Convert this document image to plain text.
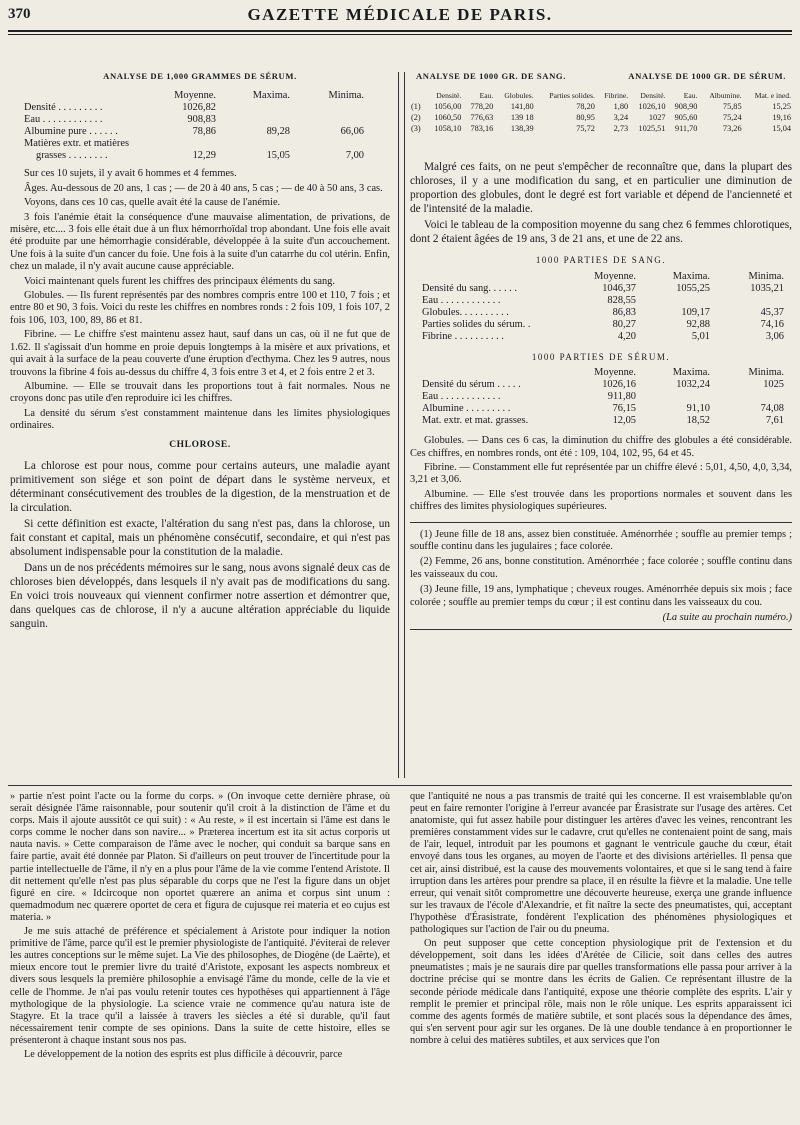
370	GAZETTE MÉDICALE DE PARIS.
ANALYSE DE 1,000 GRAMMES DE SÉRUM.
	Moyenne.	Maxima.	Minima.
Densité . . . . . . . . .	1026,82		
Eau . . . . . . . . . . . .	908,83		
Albumine pure . . . . . .	78,86	89,28	66,06
Matières extr. et matières			
grasses . . . . . . . .	12,29	15,05	7,00

Sur ces 10 sujets, il y avait 6 hommes et 4 femmes.

Âges. Au-dessous de 20 ans, 1 cas ; — de 20 à 40 ans, 5 cas ; — de 40 à 50 ans, 3 cas.

Voyons, dans ces 10 cas, quelle avait été la cause de l'anémie.

3 fois l'anémie était la conséquence d'une mauvaise alimentation, de privations, de misère, etc.... 3 fois elle était due à un flux hémorrhoïdal trop abondant. Une fois elle avait été produite par une hémorrhagie considérable, développée à la suite d'un accouchement. Une fois à la suite d'un cancer du foie. Une fois à la suite d'un catarrhe du col utérin. Enfin, chez un malade, il n'y avait aucune cause appréciable.

Voici maintenant quels furent les chiffres des principaux éléments du sang.

Globules. — Ils furent représentés par des nombres compris entre 100 et 110, 7 fois ; et entre 80 et 90, 3 fois. Voici du reste les chiffres en nombres ronds : 2 fois 109, 1 fois 107, 2 fois 106, 103, 100, 89, 86 et 81.

Fibrine. — Le chiffre s'est maintenu assez haut, sauf dans un cas, où il ne fut que de 1.62. Il s'agissait d'un homme en proie depuis longtemps à la misère et aux privations, et qui avait à la surface de la peau couverte d'une éruption d'ecthyma. Chez les 9 autres, nous trouvons la fibrine 4 fois au-dessus du chiffre 4, 3 fois entre 3 et 4, et 2 fois entre 2 et 3.

Albumine. — Elle se trouvait dans les proportions tout à fait normales. Nous ne croyons donc pas utile d'en reproduire ici les chiffres.

La densité du sérum s'est constamment maintenue dans les limites physiologiques ordinaires.

CHLOROSE.

La chlorose est pour nous, comme pour certains auteurs, une maladie ayant primitivement son siége et son point de départ dans le système nerveux, et déterminant consécutivement des troubles de la digestion, de la menstruation et de la circulation.

Si cette définition est exacte, l'altération du sang n'est pas, dans la chlorose, un fait constant et capital, mais un phénomène consécutif, secondaire, et qui n'est pas absolument indispensable pour la constitution de la maladie.

Dans un de nos précédents mémoires sur le sang, nous avons signalé deux cas de chloroses bien développés, dans lesquels il n'y avait pas de modifications du sang. En voici trois nouveaux qui viennent confirmer notre assertion et démontrer que, dans quelques cas de chlorose, il n'y a aucune altération appréciable du liquide sanguin.

ANALYSE DE 1000 GR. DE SANG.	ANALYSE DE 1000 GR. DE SÉRUM.
	Densité.	Eau.	Globules.	Parties solides.	Fibrine.	Densité.	Eau.	Albumine.	Mat. e ined.
(1)	1056,00	778,20	141,80	78,20	1,80	1026,10	908,90	75,85	15,25
(2)	1060,50	776,63	139 18	80,95	3,24	1027	905,60	75,24	19,16
(3)	1058,10	783,16	138,39	75,72	2,73	1025,51	911,70	73,26	15,04

Malgré ces faits, on ne peut s'empêcher de reconnaître que, dans la plupart des chloroses, il y a une modification du sang, et en particulier une diminution de proportion des globules, dont le degré est fort variable et dépend de l'ancienneté et de l'intensité de la maladie.

Voici le tableau de la composition moyenne du sang chez 6 femmes chlorotiques, dont 2 étaient âgées de 19 ans, 3 de 21 ans, et une de 22 ans.

1000 PARTIES DE SANG.
	Moyenne.	Maxima.	Minima.
Densité du sang. . . . . .	1046,37	1055,25	1035,21
Eau . . . . . . . . . . . .	828,55		
Globules. . . . . . . . . .	86,83	109,17	45,37
Parties solides du sérum. .	80,27	92,88	74,16
Fibrine . . . . . . . . . .	4,20	5,01	3,06
1000 PARTIES DE SÉRUM.
	Moyenne.	Maxima.	Minima.
Densité du sérum . . . . .	1026,16	1032,24	1025
Eau . . . . . . . . . . . .	911,80		
Albumine . . . . . . . . .	76,15	91,10	74,08
Mat. extr. et mat. grasses.	12,05	18,52	7,61

Globules. — Dans ces 6 cas, la diminution du chiffre des globules a été considérable. Ces chiffres, en nombres ronds, ont été : 109, 104, 102, 95, 64 et 45.

Fibrine. — Constamment elle fut représentée par un chiffre élevé : 5,01, 4,50, 4,0, 3,34, 3,21 et 3,06.

Albumine. — Elle s'est trouvée dans les proportions normales et souvent dans les chiffres des limites physiologiques supérieures.

(1) Jeune fille de 18 ans, assez bien constituée. Aménorrhée ; souffle au premier temps ; souffle continu dans les jugulaires ; face colorée.

(2) Femme, 26 ans, bonne constitution. Aménorrhée ; face colorée ; souffle continu dans les vaisseaux du cou.

(3) Jeune fille, 19 ans, lymphatique ; cheveux rouges. Aménorrhée depuis six mois ; face colorée ; souffle au premier temps du cœur ; il est continu dans les vaisseaux du cou.

(La suite au prochain numéro.)

» partie n'est point l'acte ou la forme du corps. » (On invoque cette dernière phrase, où serait désignée l'âme raisonnable, pour soutenir qu'il croit à la distinction de l'âme et du corps. Mais il ajoute aussitôt ce qui suit) : « Au reste, » il est incertain si l'âme est dans le corps comme le nocher dans son navire... » Præterea incertum est ita sit actus corporis ut nauta navis. » Cette comparaison de l'âme avec le nocher, qui conduit sa barque sans en faire partie, avait été donnée par Platon. Si d'ailleurs on peut trouver de l'incertitude pour la partie intellectuelle de l'âme, il n'y en a plus pour l'âme de la vie comme l'entend Aristote. Il dit nettement qu'elle n'est pas plus séparable du corps que ne l'est la figure dans un objet figuré en cire. « Idcircoque non oportet quærere an anima et corpus sint unum : quemadmodum nec quærere oportet de cera et figura de cujusque rei materia et eo cujus est materia. »

Je me suis attaché de préférence et spécialement à Aristote pour indiquer la notion primitive de l'âme, parce qu'il est le premier physiologiste de l'antiquité. J'éviterai de relever les autres conceptions sur le même sujet. La Vie des philosophes, de Diogène (de Laërte), et mieux encore tout le premier livre du traité d'Aristote, exposant les aspects nombreux et divers sous lesquels la première philosophie a envisagé l'âme du monde, celle de la vie et celle de l'homme. Je n'ai pas voulu retenir toutes ces hypothèses qui appartiennent à l'âge mythologique de la physiologie. La science vraie ne commence qu'au natura iste de Stagyre. Et la trace qu'il a laissée à travers les siècles a été si durable, qu'il faut nécessairement tenir compte de ses opinions. Dans la suite de cette histoire, elles se présenteront à chaque instant sous nos pas.

Le développement de la notion des esprits est plus difficile à découvrir, parce

que l'antiquité ne nous a pas transmis de traité qui les concerne. Il est vraisemblable qu'on peut en faire remonter l'origine à l'erreur avancée par Érasistrate sur l'usage des artères. Cet anatomiste, qui fut assez habile pour distinguer les artères d'avec les veines, rencontrant les premières constamment vides sur le cadavre, crut qu'elles ne contenaient point de sang, mais de l'air, lequel, introduit par les poumons et gagnant le ventricule gauche du cœur, était envoyé dans tous les organes, au moyen de l'aorte et des divisions artérielles. Il pensa que cet air, ainsi distribué, est la cause des mouvements volontaires, et que si le sang tend à faire irruption dans les artères pour prendre sa place, il en résulte la fièvre et la maladie. Une telle erreur, qui venait sitôt compromettre une découverte heureuse, exerça une grande influence sur les travaux de l'école d'Alexandrie, et fit naître la secte des pneumatistes, qui, acceptant l'hypothèse d'Érasistrate, fondèrent l'explication des phénomènes physiologiques et pathologiques sur l'action de l'air ou du pneuma.

On peut supposer que cette conception physiologique prit de l'extension et du développement, soit dans les idées d'Arétée de Cilicie, soit dans celles des autres pneumatistes ; mais je ne saurais dire par quelles transformations elle passa pour arriver à la doctrine précise qui se montre dans les écrits de Galien. Ce représentant illustre de la seconde période médicale dans l'antiquité, expose une théorie complète des esprits. L'air y remplit le premier et principal rôle, mais non le rôle unique. Les esprits apparaissent ici comme des agents formés de matière subtile, et sont placés sous la dépendance des âmes, qui s'en servent pour agir sur les organes. De là une double tendance à en proportionner le nombre à celui des matières subtiles, et aux services que l'on
